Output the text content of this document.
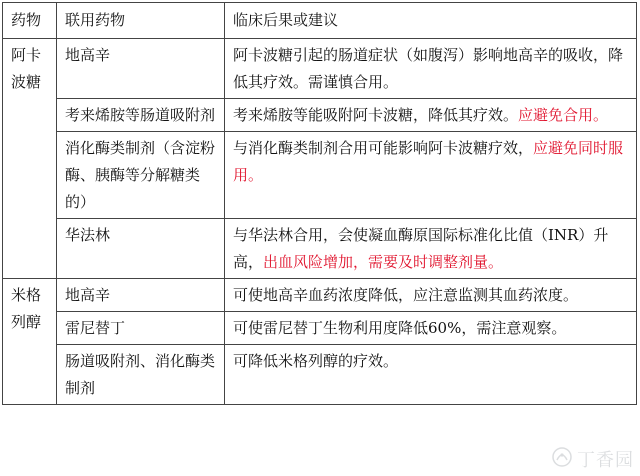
药物	联用药物	临床后果或建议
阿卡波糖	地高辛	阿卡波糖引起的肠道症状（如腹泻）影响地高辛的吸收，降低其疗效。需谨慎合用。
	考来烯胺等肠道吸附剂	考来烯胺等能吸附阿卡波糖，降低其疗效。应避免合用。
	消化酶类制剂（含淀粉酶、胰酶等分解糖类的）	与消化酶类制剂合用可能影响阿卡波糖疗效，应避免同时服用。
	华法林	与华法林合用，会使凝血酶原国际标准化比值（INR）升高，出血风险增加，需要及时调整剂量。
米格列醇	地高辛	可使地高辛血药浓度降低，应注意监测其血药浓度。
	雷尼替丁	可使雷尼替丁生物利用度降低60%，需注意观察。
	肠道吸附剂、消化酶类制剂	可降低米格列醇的疗效。
丁香园
